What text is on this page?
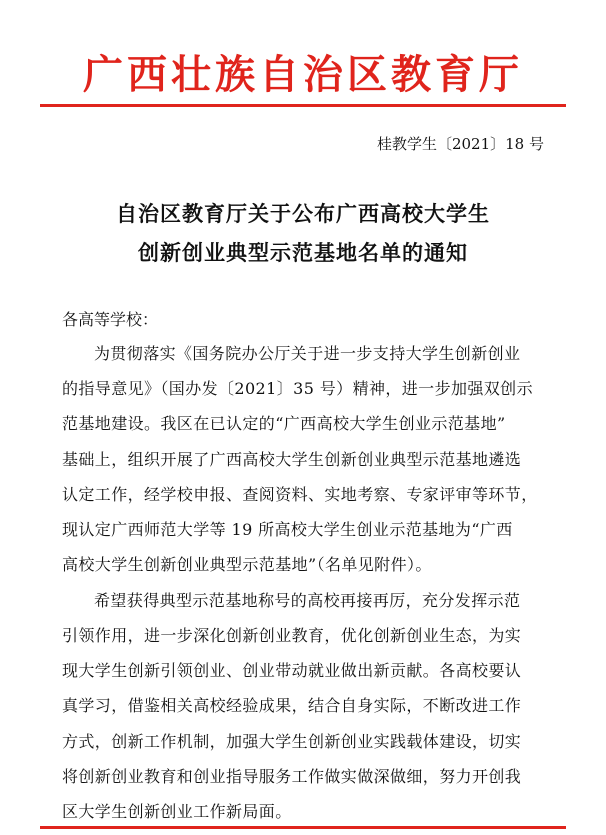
广西壮族自治区教育厅
桂教学生〔2021〕18 号
自治区教育厅关于公布广西高校大学生
创新创业典型示范基地名单的通知
各高等学校：
为贯彻落实《国务院办公厅关于进一步支持大学生创新创业
的指导意见》（国办发〔2021〕35 号）精神，进一步加强双创示
范基地建设。我区在已认定的“广西高校大学生创业示范基地”
基础上，组织开展了广西高校大学生创新创业典型示范基地遴选
认定工作，经学校申报、查阅资料、实地考察、专家评审等环节，
现认定广西师范大学等 19 所高校大学生创业示范基地为“广西
高校大学生创新创业典型示范基地”（名单见附件）。
希望获得典型示范基地称号的高校再接再厉，充分发挥示范
引领作用，进一步深化创新创业教育，优化创新创业生态，为实
现大学生创新引领创业、创业带动就业做出新贡献。各高校要认
真学习，借鉴相关高校经验成果，结合自身实际，不断改进工作
方式，创新工作机制，加强大学生创新创业实践载体建设，切实
将创新创业教育和创业指导服务工作做实做深做细，努力开创我
区大学生创新创业工作新局面。
